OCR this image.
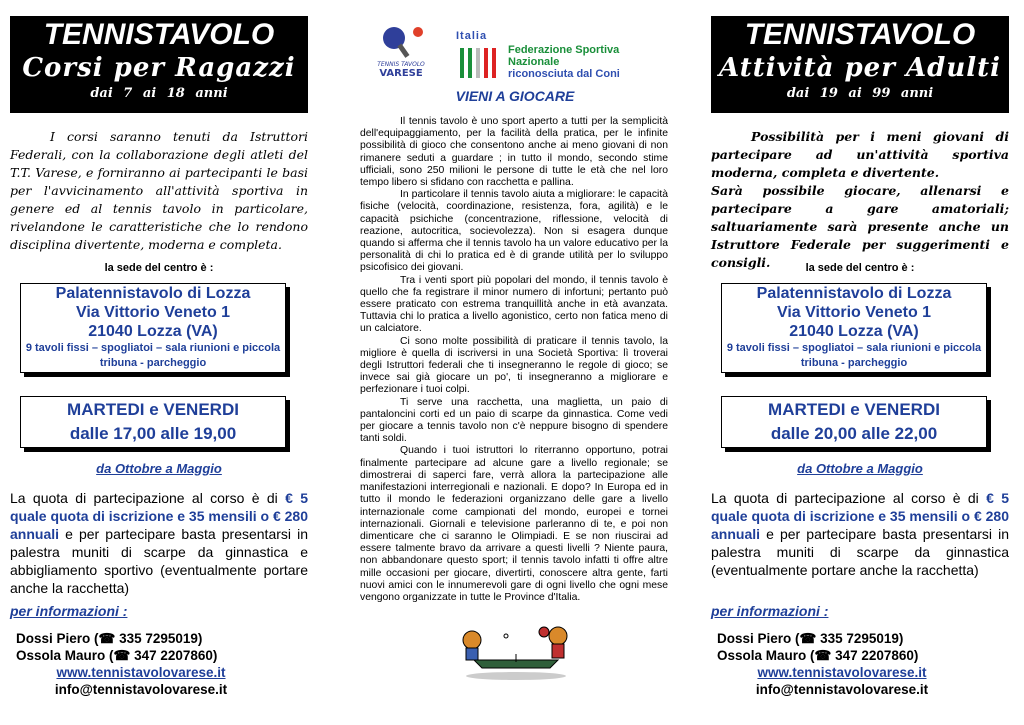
TENNISTAVOLO
Corsi per Ragazzi
dai 7 ai 18 anni

I corsi saranno tenuti da Istruttori Federali, con la collaborazione degli atleti del T.T. Varese, e forniranno ai partecipanti le basi per l'avvicinamento all'attività sportiva in genere ed al tennis tavolo in particolare, rivelandone le caratteristiche che lo rendono disciplina divertente, moderna e completa.

la sede del centro è :
Palatennistavolo di Lozza
Via Vittorio Veneto 1
21040 Lozza (VA)
9 tavoli fissi – spogliatoi – sala riunioni e piccola tribuna - parcheggio
MARTEDI e VENERDI
dalle 17,00 alle 19,00
da Ottobre a Maggio

La quota di partecipazione al corso è di € 5 quale quota di iscrizione e 35 mensili o € 280 annuali e per partecipare basta presentarsi in palestra muniti di scarpe da ginnastica e abbigliamento sportivo (eventualmente portare anche la racchetta)

per informazioni :
Dossi Piero (☎ 335 7295019)
Ossola Mauro (☎ 347 2207860)
www.tennistavolovarese.it
info@tennistavolovarese.it
TENNIS TAVOLO
VARESE
Italia
Federazione Sportiva Nazionale
riconosciuta dal Coni
VIENI A GIOCARE

Il tennis tavolo è uno sport aperto a tutti per la semplicità dell'equipaggiamento, per la facilità della pratica, per le infinite possibilità di gioco che consentono anche ai meno giovani di non rimanere seduti a guardare ; in tutto il mondo, secondo stime ufficiali, sono 250 milioni le persone di tutte le età che nel loro tempo libero si sfidano con racchetta e pallina.

In particolare il tennis tavolo aiuta a migliorare: le capacità fisiche (velocità, coordinazione, resistenza, fora, agilità) e le capacità psichiche (concentrazione, riflessione, velocità di reazione, autocritica, socievolezza). Non si esagera dunque quando si afferma che il tennis tavolo ha un valore educativo per la personalità di chi lo pratica ed è di grande utilità per lo sviluppo psicofisico dei giovani.

Tra i venti sport più popolari del mondo, il tennis tavolo è quello che fa registrare il minor numero di infortuni; pertanto può essere praticato con estrema tranquillità anche in età avanzata. Tuttavia chi lo pratica a livello agonistico, certo non fatica meno di un calciatore.

Ci sono molte possibilità di praticare il tennis tavolo, la migliore è quella di iscriversi in una Società Sportiva: lì troverai degli Istruttori federali che ti insegneranno le regole di gioco; se invece sai già giocare un po', ti insegneranno a migliorare e perfezionare i tuoi colpi.

Ti serve una racchetta, una maglietta, un paio di pantaloncini corti ed un paio di scarpe da ginnastica. Come vedi per giocare a tennis tavolo non c'è neppure bisogno di spendere tanti soldi.

Quando i tuoi istruttori lo riterranno opportuno, potrai finalmente partecipare ad alcune gare a livello regionale; se dimostrerai di saperci fare, verrà allora la partecipazione alle manifestazioni interregionali e nazionali. E dopo? In Europa ed in tutto il mondo le federazioni organizzano delle gare a livello internazionale come campionati del mondo, europei e tornei internazionali. Giornali e televisione parleranno di te, e poi non dimenticare che ci saranno le Olimpiadi. E se non riuscirai ad essere talmente bravo da arrivare a questi livelli ? Niente paura, non abbandonare questo sport; il tennis tavolo infatti ti offre altre mille occasioni per giocare, divertirti, conoscere altra gente, farti nuovi amici con le innumerevoli gare di ogni livello che ogni mese vengono organizzate in tutte le Province d'Italia.

TENNISTAVOLO
Attività per Adulti
dai 19 ai 99 anni

Possibilità per i meni giovani di partecipare ad un'attività sportiva moderna, completa e divertente.

Sarà possibile giocare, allenarsi e partecipare a gare amatoriali; saltuariamente sarà presente anche un Istruttore Federale per suggerimenti e consigli.	la sede del centro è :
Palatennistavolo di Lozza
Via Vittorio Veneto 1
21040 Lozza (VA)
9 tavoli fissi – spogliatoi – sala riunioni e piccola tribuna - parcheggio
MARTEDI e VENERDI
dalle 20,00 alle 22,00
da Ottobre a Maggio

La quota di partecipazione al corso è di € 5 quale quota di iscrizione e 35 mensili o € 280 annuali e per partecipare basta presentarsi in palestra muniti di scarpe da ginnastica (eventualmente portare anche la racchetta)

per informazioni :
Dossi Piero (☎ 335 7295019)
Ossola Mauro (☎ 347 2207860)
www.tennistavolovarese.it
info@tennistavolovarese.it
